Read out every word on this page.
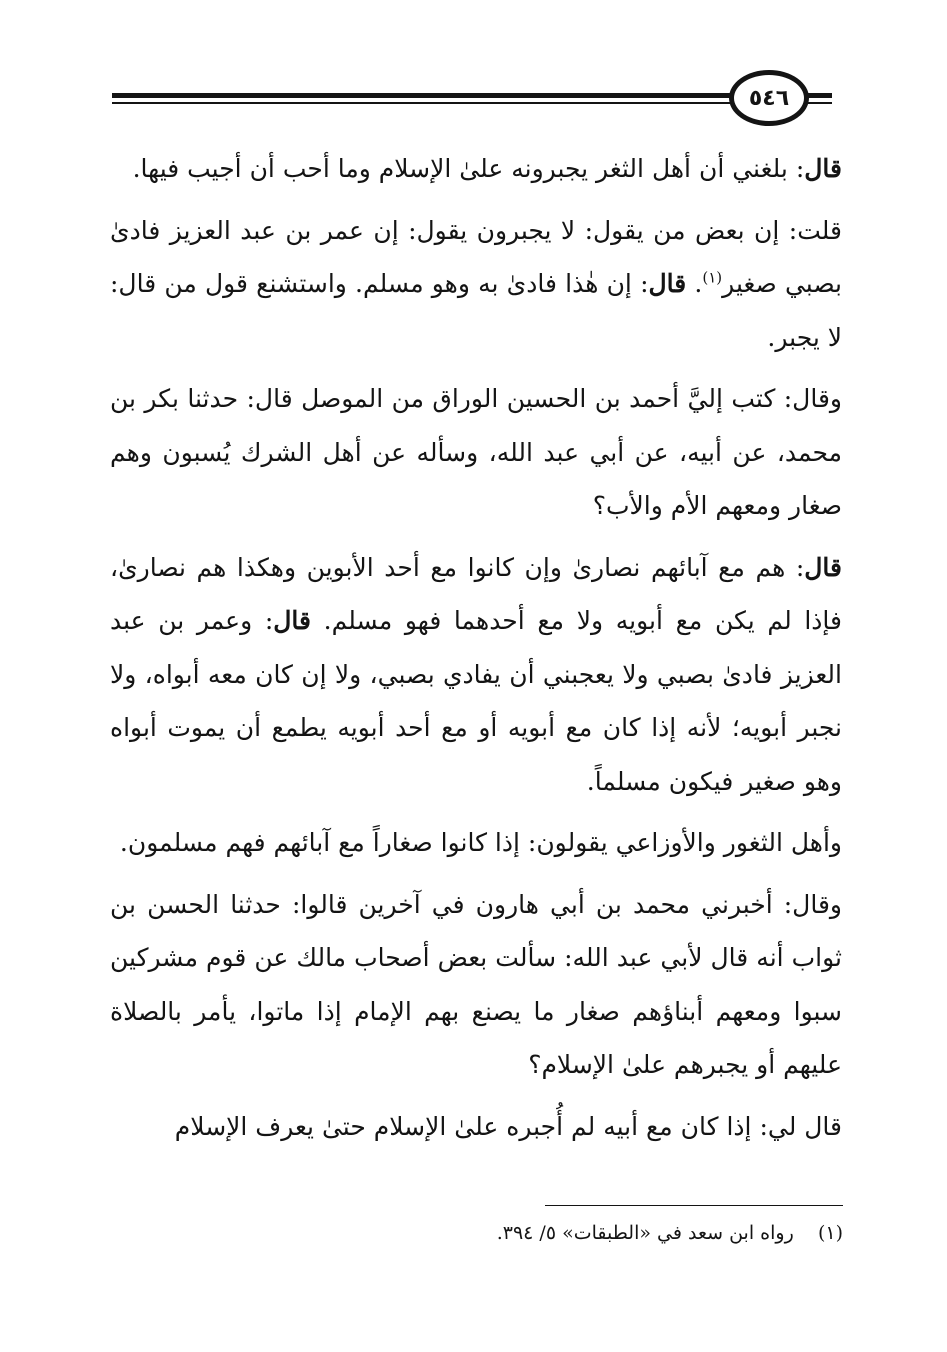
٥٤٦

قال: بلغني أن أهل الثغر يجبرونه علىٰ الإسلام وما أحب أن أجيب فيها.

قلت: إن بعض من يقول: لا يجبرون يقول: إن عمر بن عبد العزيز فادىٰ بصبي صغير$^{(١)}$. قال: إن هٰذا فادىٰ به وهو مسلم. واستشنع قول من قال: لا يجبر.

وقال: كتب إليَّ أحمد بن الحسين الوراق من الموصل قال: حدثنا بكر بن محمد، عن أبيه، عن أبي عبد الله، وسأله عن أهل الشرك يُسبون وهم صغار ومعهم الأم والأب؟

قال: هم مع آبائهم نصارىٰ وإن كانوا مع أحد الأبوين وهكذا هم نصارىٰ، فإذا لم يكن مع أبويه ولا مع أحدهما فهو مسلم. قال: وعمر بن عبد العزيز فادىٰ بصبي ولا يعجبني أن يفادي بصبي، ولا إن كان معه أبواه، ولا نجبر أبويه؛ لأنه إذا كان مع أبويه أو مع أحد أبويه يطمع أن يموت أبواه وهو صغير فيكون مسلماً.

وأهل الثغور والأوزاعي يقولون: إذا كانوا صغاراً مع آبائهم فهم مسلمون.

وقال: أخبرني محمد بن أبي هارون في آخرين قالوا: حدثنا الحسن بن ثواب أنه قال لأبي عبد الله: سألت بعض أصحاب مالك عن قوم مشركين سبوا ومعهم أبناؤهم صغار ما يصنع بهم الإمام إذا ماتوا، يأمر بالصلاة عليهم أو يجبرهم علىٰ الإسلام؟

قال لي: إذا كان مع أبيه لم أُجبره علىٰ الإسلام حتىٰ يعرف الإسلام

(١)    رواه ابن سعد في «الطبقات» ٥/ ٣٩٤.
